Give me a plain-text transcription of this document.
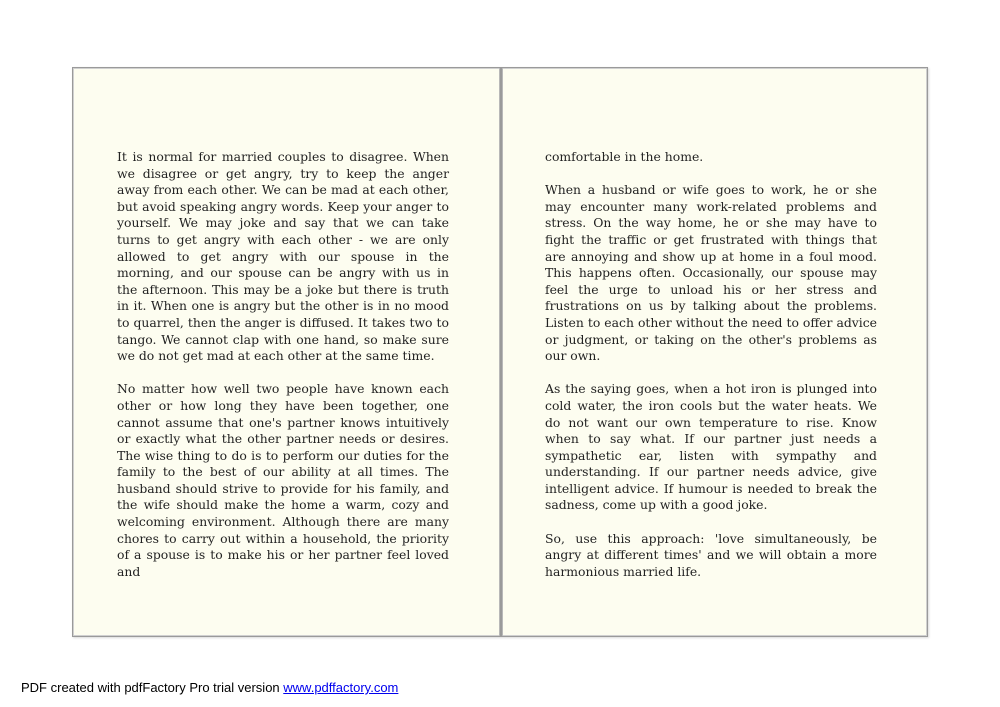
It is normal for married couples to disagree. When we disagree or get angry, try to keep the anger away from each other. We can be mad at each other, but avoid speaking angry words. Keep your anger to yourself. We may joke and say that we can take turns to get angry with each other - we are only allowed to get angry with our spouse in the morning, and our spouse can be angry with us in the afternoon. This may be a joke but there is truth in it. When one is angry but the other is in no mood to quarrel, then the anger is diffused. It takes two to tango. We cannot clap with one hand, so make sure we do not get mad at each other at the same time.

No matter how well two people have known each other or how long they have been together, one cannot assume that one's partner knows intuitively or exactly what the other partner needs or desires. The wise thing to do is to perform our duties for the family to the best of our ability at all times. The husband should strive to provide for his family, and the wife should make the home a warm, cozy and welcoming environment. Although there are many chores to carry out within a household, the priority of a spouse is to make his or her partner feel loved and

comfortable in the home.

When a husband or wife goes to work, he or she may encounter many work-related problems and stress. On the way home, he or she may have to fight the traffic or get frustrated with things that are annoying and show up at home in a foul mood. This happens often. Occasionally, our spouse may feel the urge to unload his or her stress and frustrations on us by talking about the problems. Listen to each other without the need to offer advice or judgment, or taking on the other's problems as our own.

As the saying goes, when a hot iron is plunged into cold water, the iron cools but the water heats. We do not want our own temperature to rise. Know when to say what. If our partner just needs a sympathetic ear, listen with sympathy and understanding. If our partner needs advice, give intelligent advice. If humour is needed to break the sadness, come up with a good joke.

So, use this approach: 'love simultaneously, be angry at different times' and we will obtain a more harmonious married life.

PDF created with pdfFactory Pro trial version www.pdffactory.com
